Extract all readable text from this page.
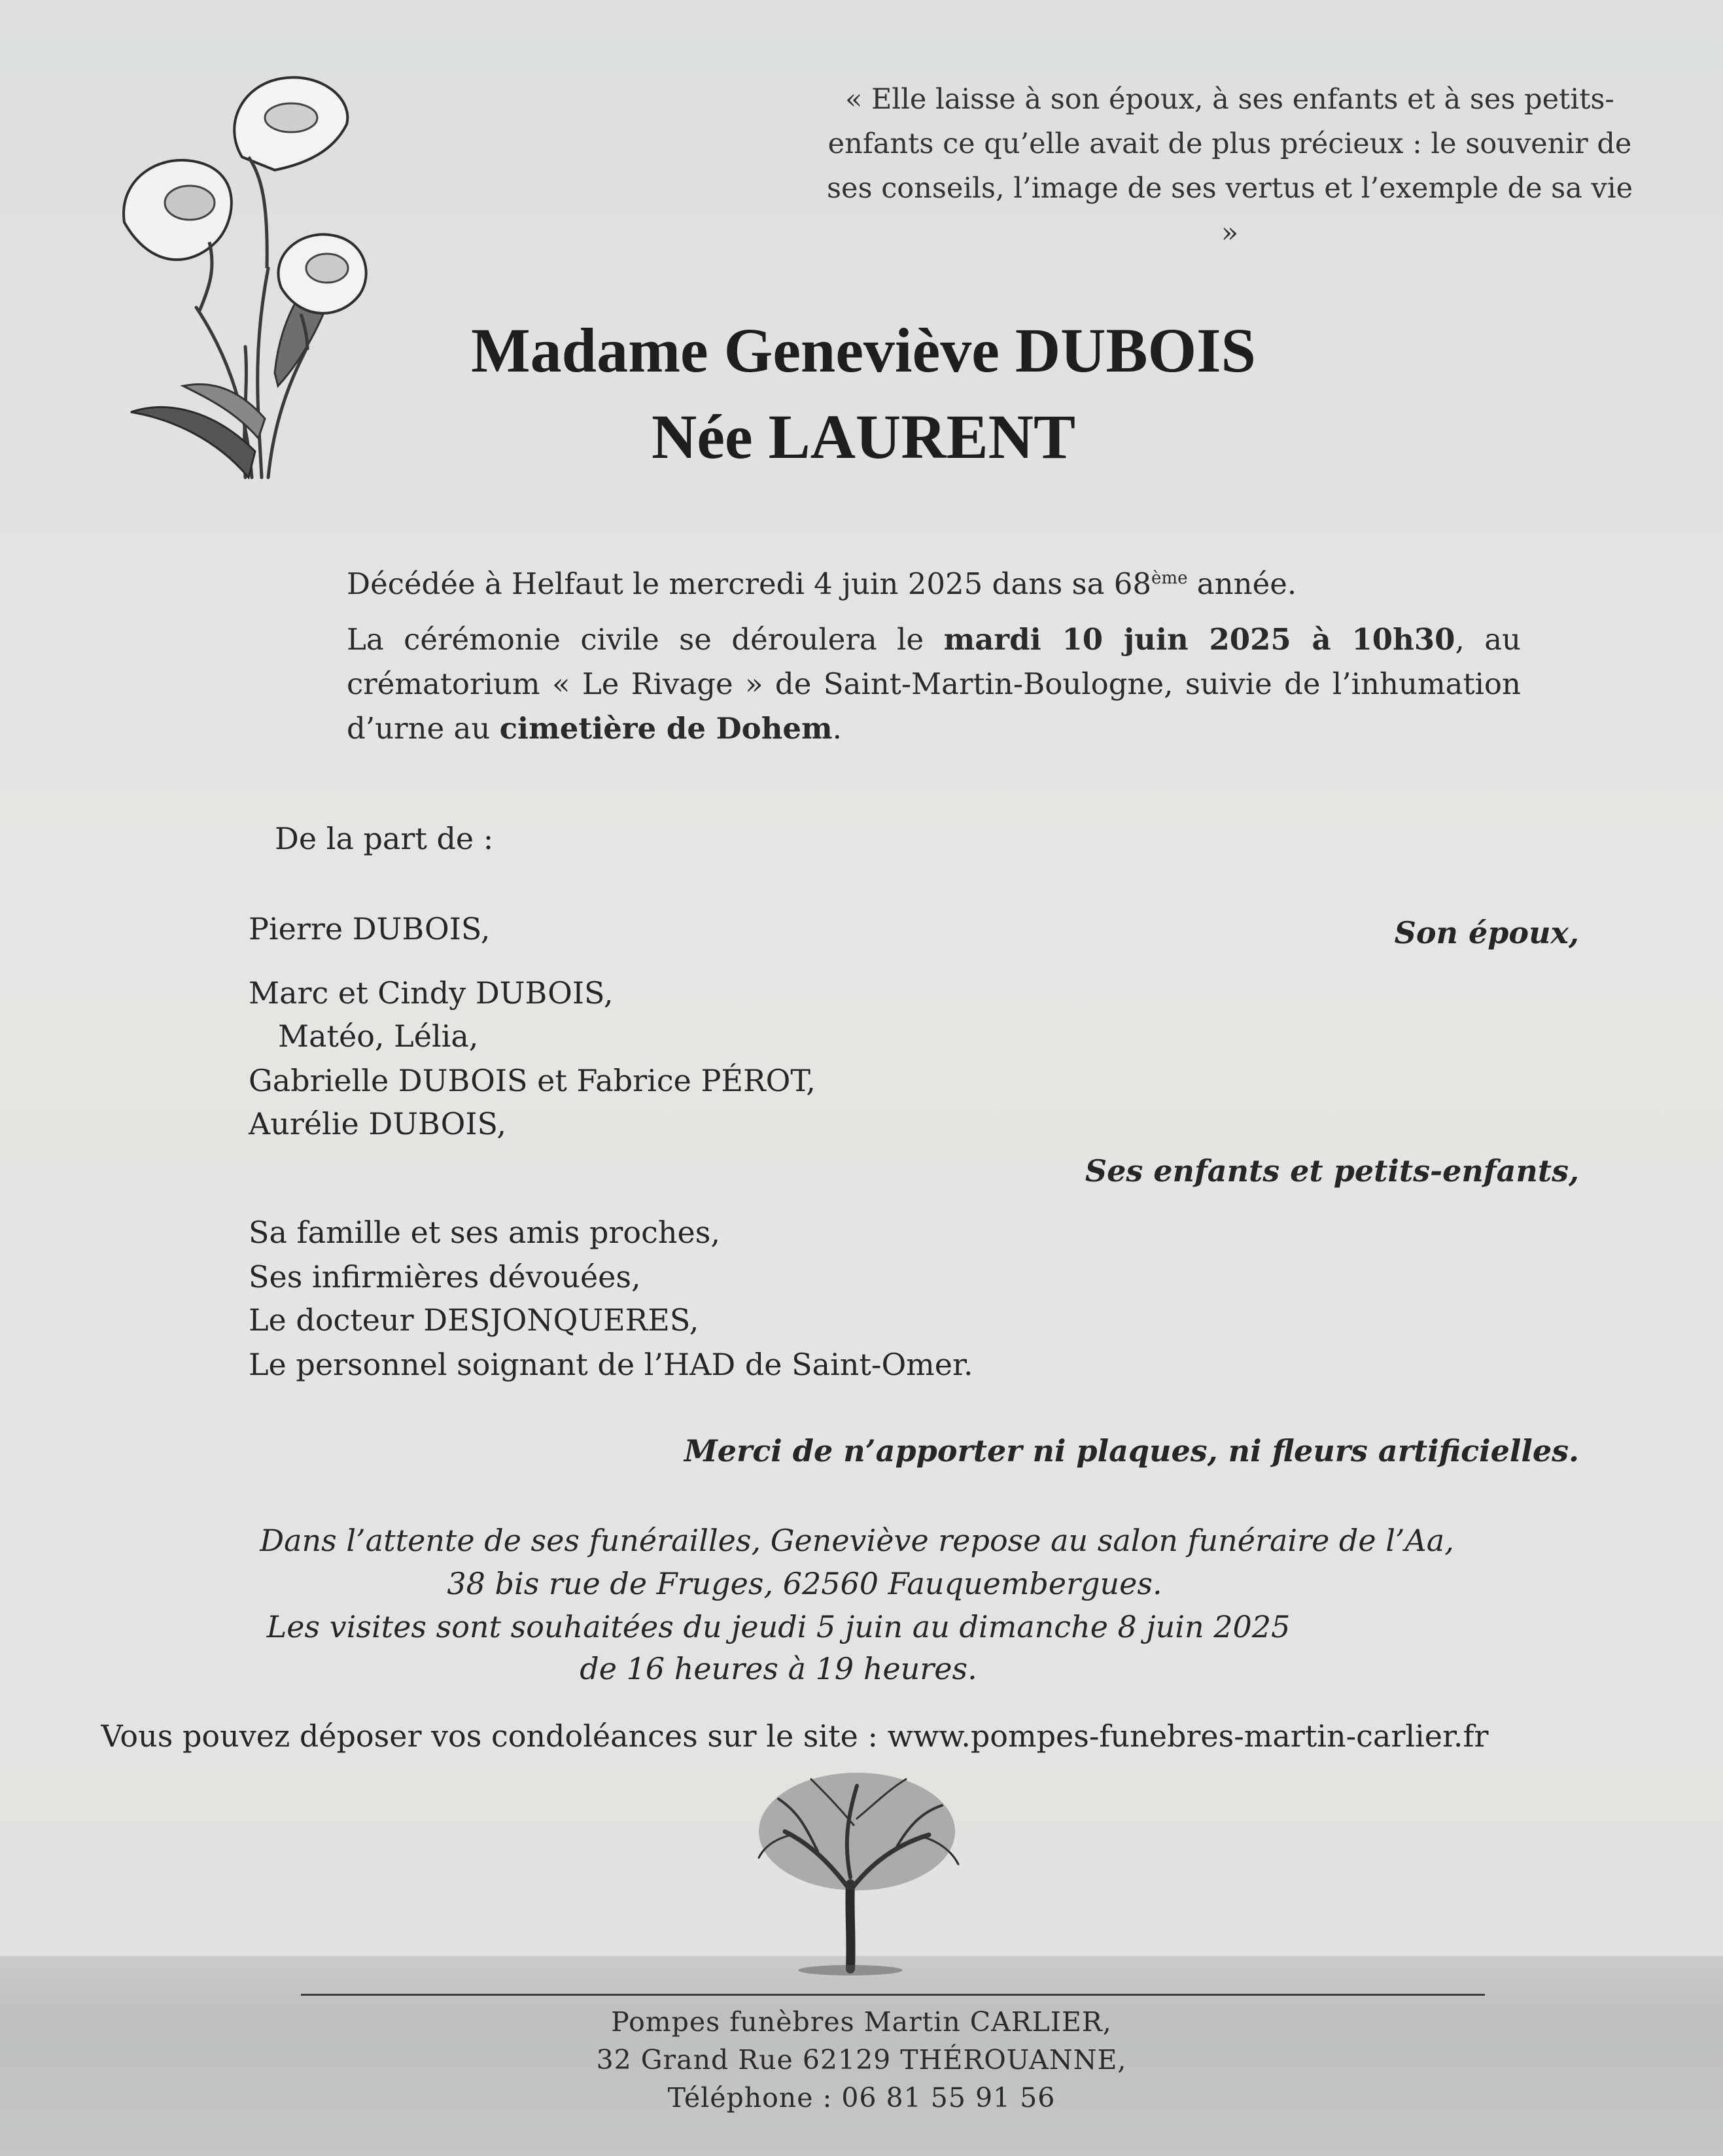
« Elle laisse à son époux, à ses enfants et à ses petits-
enfants ce qu’elle avait de plus précieux : le souvenir de
ses conseils, l’image de ses vertus et l’exemple de sa vie »
Madame Geneviève DUBOIS
Née LAURENT
Décédée à Helfaut le mercredi 4 juin 2025 dans sa 68ème année.
La cérémonie civile se déroulera le mardi 10 juin 2025 à 10h30, au crématorium « Le Rivage » de Saint-Martin-Boulogne, suivie de l’inhumation d’urne au cimetière de Dohem.
De la part de :
Pierre DUBOIS,	Son époux,
Marc et Cindy DUBOIS,
Matéo, Lélia,
Gabrielle DUBOIS et Fabrice PÉROT,
Aurélie DUBOIS,
Ses enfants et petits-enfants,
Sa famille et ses amis proches,
Ses infirmières dévouées,
Le docteur DESJONQUERES,
Le personnel soignant de l’HAD de Saint-Omer.
Merci de n’apporter ni plaques, ni fleurs artificielles.
Dans l’attente de ses funérailles, Geneviève repose au salon funéraire de l’Aa,
38 bis rue de Fruges, 62560 Fauquembergues.
Les visites sont souhaitées du jeudi 5 juin au dimanche 8 juin 2025
de 16 heures à 19 heures.
Vous pouvez déposer vos condoléances sur le site : www.pompes-funebres-martin-carlier.fr
Pompes funèbres Martin CARLIER,
32 Grand Rue 62129 THÉROUANNE,
Téléphone : 06 81 55 91 56
